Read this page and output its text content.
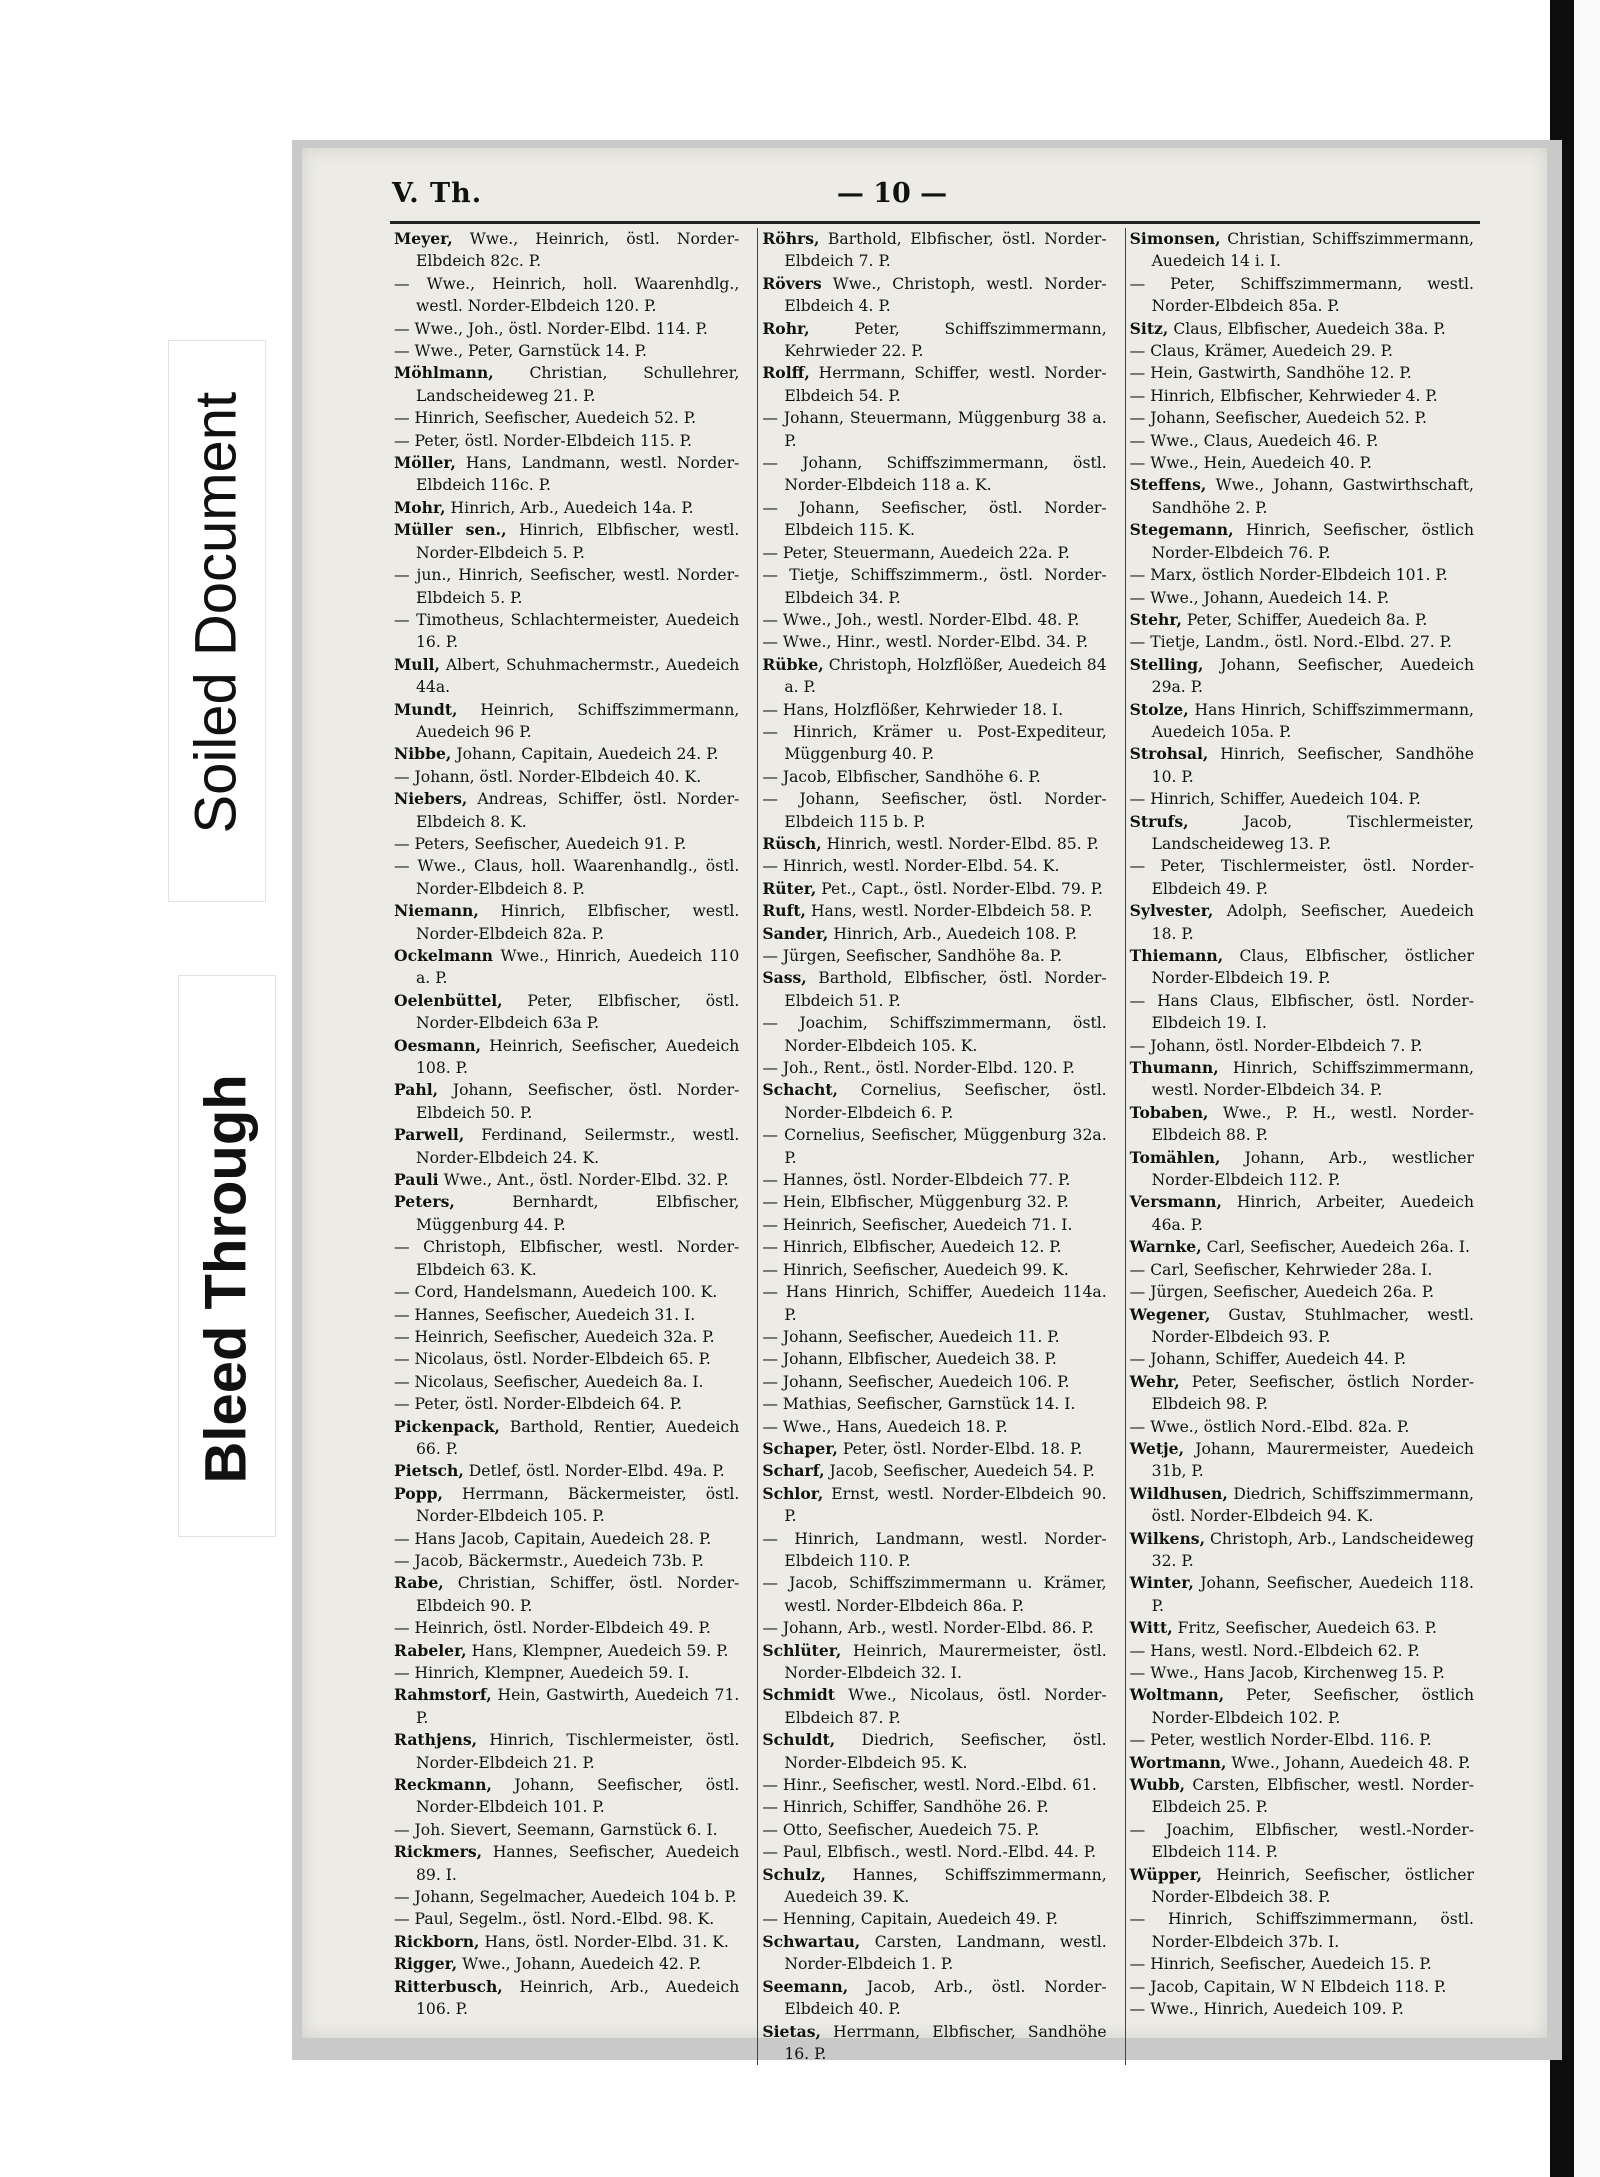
Soiled Document
Bleed Through
V. Th.	— 10 —

Meyer, Wwe., Heinrich, östl. Norder-Elbdeich 82c. P.

— Wwe., Heinrich, holl. Waarenhdlg., westl. Norder-Elbdeich 120. P.

— Wwe., Joh., östl. Norder-Elbd. 114. P.

— Wwe., Peter, Garnstück 14. P.

Möhlmann, Christian, Schullehrer, Landscheideweg 21. P.

— Hinrich, Seefischer, Auedeich 52. P.

— Peter, östl. Norder-Elbdeich 115. P.

Möller, Hans, Landmann, westl. Norder-Elbdeich 116c. P.

Mohr, Hinrich, Arb., Auedeich 14a. P.

Müller sen., Hinrich, Elbfischer, westl. Norder-Elbdeich 5. P.

— jun., Hinrich, Seefischer, westl. Norder-Elbdeich 5. P.

— Timotheus, Schlachtermeister, Auedeich 16. P.

Mull, Albert, Schuhmachermstr., Auedeich 44a.

Mundt, Heinrich, Schiffszimmermann, Auedeich 96 P.

Nibbe, Johann, Capitain, Auedeich 24. P.

— Johann, östl. Norder-Elbdeich 40. K.

Niebers, Andreas, Schiffer, östl. Norder-Elbdeich 8. K.

— Peters, Seefischer, Auedeich 91. P.

— Wwe., Claus, holl. Waarenhandlg., östl. Norder-Elbdeich 8. P.

Niemann, Hinrich, Elbfischer, westl. Norder-Elbdeich 82a. P.

Ockelmann Wwe., Hinrich, Auedeich 110 a. P.

Oelenbüttel, Peter, Elbfischer, östl. Norder-Elbdeich 63a P.

Oesmann, Heinrich, Seefischer, Auedeich 108. P.

Pahl, Johann, Seefischer, östl. Norder-Elbdeich 50. P.

Parwell, Ferdinand, Seilermstr., westl. Norder-Elbdeich 24. K.

Pauli Wwe., Ant., östl. Norder-Elbd. 32. P.

Peters,	Bernhardt, Elbfischer, Müggenburg 44. P.

— Christoph, Elbfischer, westl. Norder-Elbdeich 63. K.

— Cord, Handelsmann, Auedeich 100. K.

— Hannes, Seefischer, Auedeich 31. I.

— Heinrich, Seefischer, Auedeich 32a. P.

— Nicolaus, östl. Norder-Elbdeich 65. P.

— Nicolaus, Seefischer, Auedeich 8a. I.

— Peter, östl. Norder-Elbdeich 64. P.

Pickenpack, Barthold, Rentier, Auedeich 66. P.

Pietsch, Detlef, östl. Norder-Elbd. 49a. P.

Popp, Herrmann, Bäckermeister, östl. Norder-Elbdeich 105. P.

— Hans Jacob, Capitain, Auedeich 28. P.

— Jacob, Bäckermstr., Auedeich 73b. P.

Rabe, Christian, Schiffer, östl. Norder-Elbdeich 90. P.

— Heinrich, östl. Norder-Elbdeich 49. P.

Rabeler, Hans, Klempner, Auedeich 59. P.

— Hinrich, Klempner, Auedeich 59. I.

Rahmstorf, Hein, Gastwirth, Auedeich 71. P.

Rathjens, Hinrich, Tischlermeister, östl. Norder-Elbdeich 21. P.

Reckmann, Johann, Seefischer, östl. Norder-Elbdeich 101. P.

— Joh. Sievert, Seemann, Garnstück 6. I.

Rickmers, Hannes, Seefischer, Auedeich 89. I.

— Johann, Segelmacher, Auedeich 104 b. P.

— Paul, Segelm., östl. Nord.-Elbd. 98. K.

Rickborn, Hans, östl. Norder-Elbd. 31. K.

Rigger, Wwe., Johann, Auedeich 42. P.

Ritterbusch, Heinrich, Arb., Auedeich 106. P.

Röhrs, Barthold, Elbfischer, östl. Norder-Elbdeich 7. P.

Rövers Wwe., Christoph, westl. Norder-Elbdeich 4. P.

Rohr,	Peter, Schiffszimmermann, Kehrwieder 22. P.

Rolff, Herrmann, Schiffer, westl. Norder-Elbdeich 54. P.

— Johann, Steuermann, Müggenburg 38 a. P.

— Johann, Schiffszimmermann, östl. Norder-Elbdeich 118 a. K.

— Johann, Seefischer, östl. Norder-Elbdeich 115. K.

— Peter, Steuermann, Auedeich 22a. P.

— Tietje, Schiffszimmerm., östl. Norder-Elbdeich 34. P.

— Wwe., Joh., westl. Norder-Elbd. 48. P.

— Wwe., Hinr., westl. Norder-Elbd. 34. P.

Rübke, Christoph, Holzflößer, Auedeich 84 a. P.

— Hans, Holzflößer, Kehrwieder 18. I.

— Hinrich, Krämer u. Post-Expediteur, Müggenburg 40. P.

— Jacob, Elbfischer, Sandhöhe 6. P.

— Johann, Seefischer, östl. Norder-Elbdeich 115 b. P.

Rüsch, Hinrich, westl. Norder-Elbd. 85. P.

— Hinrich, westl. Norder-Elbd. 54. K.

Rüter, Pet., Capt., östl. Norder-Elbd. 79. P.

Ruft, Hans, westl. Norder-Elbdeich 58. P.

Sander, Hinrich, Arb., Auedeich 108. P.

— Jürgen, Seefischer, Sandhöhe 8a. P.

Sass, Barthold, Elbfischer, östl. Norder-Elbdeich 51. P.

— Joachim, Schiffszimmermann, östl. Norder-Elbdeich 105. K.

— Joh., Rent., östl. Norder-Elbd. 120. P.

Schacht, Cornelius, Seefischer, östl. Norder-Elbdeich 6. P.

— Cornelius, Seefischer, Müggenburg 32a. P.

— Hannes, östl. Norder-Elbdeich 77. P.

— Hein, Elbfischer, Müggenburg 32. P.

— Heinrich, Seefischer, Auedeich 71. I.

— Hinrich, Elbfischer, Auedeich 12. P.

— Hinrich, Seefischer, Auedeich 99. K.

— Hans Hinrich, Schiffer, Auedeich 114a. P.

— Johann, Seefischer, Auedeich 11. P.

— Johann, Elbfischer, Auedeich 38. P.

— Johann, Seefischer, Auedeich 106. P.

— Mathias, Seefischer, Garnstück 14. I.

— Wwe., Hans, Auedeich 18. P.

Schaper, Peter, östl. Norder-Elbd. 18. P.

Scharf, Jacob, Seefischer, Auedeich 54. P.

Schlor, Ernst, westl. Norder-Elbdeich 90. P.

— Hinrich, Landmann, westl. Norder-Elbdeich 110. P.

— Jacob, Schiffszimmermann u. Krämer, westl. Norder-Elbdeich 86a. P.

— Johann, Arb., westl. Norder-Elbd. 86. P.

Schlüter, Heinrich, Maurermeister, östl. Norder-Elbdeich 32. I.

Schmidt Wwe., Nicolaus, östl. Norder-Elbdeich 87. P.

Schuldt, Diedrich, Seefischer, östl. Norder-Elbdeich 95. K.

— Hinr., Seefischer, westl. Nord.-Elbd. 61.

— Hinrich, Schiffer, Sandhöhe 26. P.

— Otto, Seefischer, Auedeich 75. P.

— Paul, Elbfisch., westl. Nord.-Elbd. 44. P.

Schulz, Hannes, Schiffszimmermann, Auedeich 39. K.

— Henning, Capitain, Auedeich 49. P.

Schwartau, Carsten, Landmann, westl. Norder-Elbdeich 1. P.

Seemann, Jacob, Arb., östl. Norder-Elbdeich 40. P.

Sietas, Herrmann, Elbfischer, Sandhöhe 16. P.

Simonsen, Christian, Schiffszimmermann, Auedeich 14 i. I.

— Peter, Schiffszimmermann, westl. Norder-Elbdeich 85a. P.

Sitz, Claus, Elbfischer, Auedeich 38a. P.

— Claus, Krämer, Auedeich 29. P.

— Hein, Gastwirth, Sandhöhe 12. P.

— Hinrich, Elbfischer, Kehrwieder 4. P.

— Johann, Seefischer, Auedeich 52. P.

— Wwe., Claus, Auedeich 46. P.

— Wwe., Hein, Auedeich 40. P.

Steffens, Wwe., Johann, Gastwirthschaft, Sandhöhe 2. P.

Stegemann, Hinrich, Seefischer, östlich Norder-Elbdeich 76. P.

— Marx, östlich Norder-Elbdeich 101. P.

— Wwe., Johann, Auedeich 14. P.

Stehr, Peter, Schiffer, Auedeich 8a. P.

— Tietje, Landm., östl. Nord.-Elbd. 27. P.

Stelling, Johann, Seefischer, Auedeich 29a. P.

Stolze, Hans Hinrich, Schiffszimmermann, Auedeich 105a. P.

Strohsal, Hinrich, Seefischer, Sandhöhe 10. P.

— Hinrich, Schiffer, Auedeich 104. P.

Strufs,	Jacob, Tischlermeister, Landscheideweg 13. P.

— Peter, Tischlermeister, östl. Norder-Elbdeich 49. P.

Sylvester, Adolph, Seefischer, Auedeich 18. P.

Thiemann, Claus, Elbfischer, östlicher Norder-Elbdeich 19. P.

— Hans Claus, Elbfischer, östl. Norder-Elbdeich 19. I.

— Johann, östl. Norder-Elbdeich 7. P.

Thumann, Hinrich, Schiffszimmermann, westl. Norder-Elbdeich 34. P.

Tobaben, Wwe., P. H., westl. Norder-Elbdeich 88. P.

Tomählen, Johann, Arb., westlicher Norder-Elbdeich 112. P.

Versmann, Hinrich, Arbeiter, Auedeich 46a. P.

Warnke, Carl, Seefischer, Auedeich 26a. I.

— Carl, Seefischer, Kehrwieder 28a. I.

— Jürgen, Seefischer, Auedeich 26a. P.

Wegener, Gustav, Stuhlmacher, westl. Norder-Elbdeich 93. P.

— Johann, Schiffer, Auedeich 44. P.

Wehr, Peter, Seefischer, östlich Norder-Elbdeich 98. P.

— Wwe., östlich Nord.-Elbd. 82a. P.

Wetje, Johann, Maurermeister, Auedeich 31b, P.

Wildhusen, Diedrich, Schiffszimmermann, östl. Norder-Elbdeich 94. K.

Wilkens, Christoph, Arb., Landscheideweg 32. P.

Winter, Johann, Seefischer, Auedeich 118. P.

Witt, Fritz, Seefischer, Auedeich 63. P.

— Hans, westl. Nord.-Elbdeich 62. P.

— Wwe., Hans Jacob, Kirchenweg 15. P.

Woltmann, Peter, Seefischer, östlich Norder-Elbdeich 102. P.

— Peter, westlich Norder-Elbd. 116. P.

Wortmann, Wwe., Johann, Auedeich 48. P.

Wubb, Carsten, Elbfischer, westl. Norder-Elbdeich 25. P.

— Joachim, Elbfischer, westl.-Norder-Elbdeich 114. P.

Wüpper, Heinrich, Seefischer, östlicher Norder-Elbdeich 38. P.

— Hinrich, Schiffszimmermann, östl. Norder-Elbdeich 37b. I.

— Hinrich, Seefischer, Auedeich 15. P.

— Jacob, Capitain, W N Elbdeich 118. P.

— Wwe., Hinrich, Auedeich 109. P.
